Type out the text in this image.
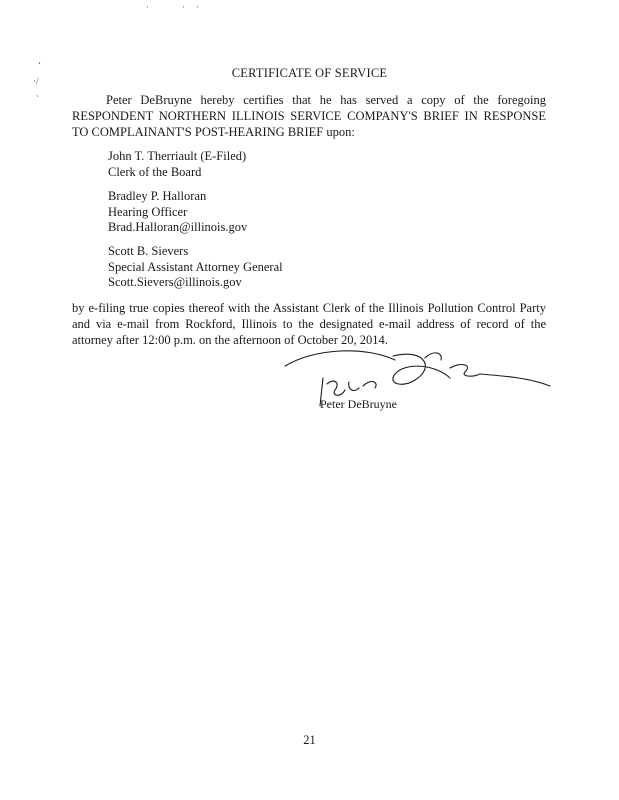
·	· ·
‘
·/
`
CERTIFICATE OF SERVICE
Peter DeBruyne hereby certifies that he has served a copy of the foregoing RESPONDENT NORTHERN ILLINOIS SERVICE COMPANY'S BRIEF IN RESPONSE TO COMPLAINANT'S POST-HEARING BRIEF upon:
John T. Therriault (E-Filed)
Clerk of the Board
Bradley P. Halloran
Hearing Officer
Brad.Halloran@illinois.gov
Scott B. Sievers
Special Assistant Attorney General
Scott.Sievers@illinois.gov
by e-filing true copies thereof with the Assistant Clerk of the Illinois Pollution Control Party and via e-mail from Rockford, Illinois to the designated e-mail address of record of the attorney after 12:00 p.m. on the afternoon of October 20, 2014.
Peter DeBruyne
21
